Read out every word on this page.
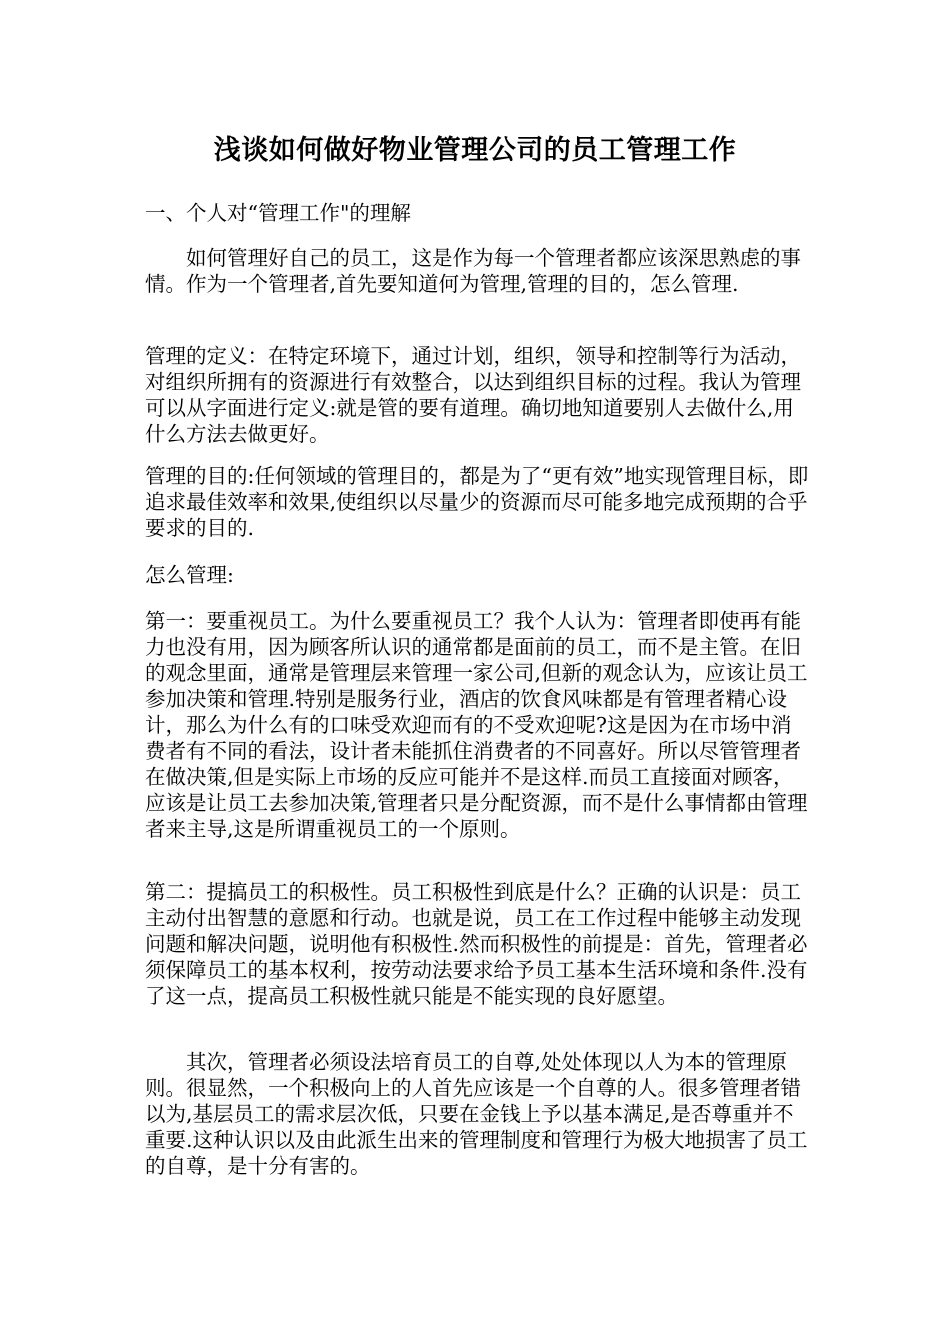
浅谈如何做好物业管理公司的员工管理工作

一、个人对“管理工作"的理解

如何管理好自己的员工，这是作为每一个管理者都应该深思熟虑的事情。作为一个管理者,首先要知道何为管理,管理的目的，怎么管理.

管理的定义：在特定环境下，通过计划，组织，领导和控制等行为活动，对组织所拥有的资源进行有效整合，以达到组织目标的过程。我认为管理可以从字面进行定义:就是管的要有道理。确切地知道要别人去做什么,用什么方法去做更好。

管理的目的:任何领域的管理目的，都是为了“更有效”地实现管理目标，即追求最佳效率和效果,使组织以尽量少的资源而尽可能多地完成预期的合乎要求的目的.

怎么管理:

第一：要重视员工。为什么要重视员工？我个人认为：管理者即使再有能力也没有用，因为顾客所认识的通常都是面前的员工，而不是主管。在旧的观念里面，通常是管理层来管理一家公司,但新的观念认为，应该让员工参加决策和管理.特别是服务行业，酒店的饮食风味都是有管理者精心设计，那么为什么有的口味受欢迎而有的不受欢迎呢?这是因为在市场中消费者有不同的看法，设计者未能抓住消费者的不同喜好。所以尽管管理者在做决策,但是实际上市场的反应可能并不是这样.而员工直接面对顾客，应该是让员工去参加决策,管理者只是分配资源，而不是什么事情都由管理者来主导,这是所谓重视员工的一个原则。

第二：提搞员工的积极性。员工积极性到底是什么？正确的认识是：员工主动付出智慧的意愿和行动。也就是说，员工在工作过程中能够主动发现问题和解决问题，说明他有积极性.然而积极性的前提是：首先，管理者必须保障员工的基本权利，按劳动法要求给予员工基本生活环境和条件.没有了这一点，提高员工积极性就只能是不能实现的良好愿望。

其次，管理者必须设法培育员工的自尊,处处体现以人为本的管理原则。很显然，一个积极向上的人首先应该是一个自尊的人。很多管理者错以为,基层员工的需求层次低，只要在金钱上予以基本满足,是否尊重并不重要.这种认识以及由此派生出来的管理制度和管理行为极大地损害了员工的自尊，是十分有害的。
